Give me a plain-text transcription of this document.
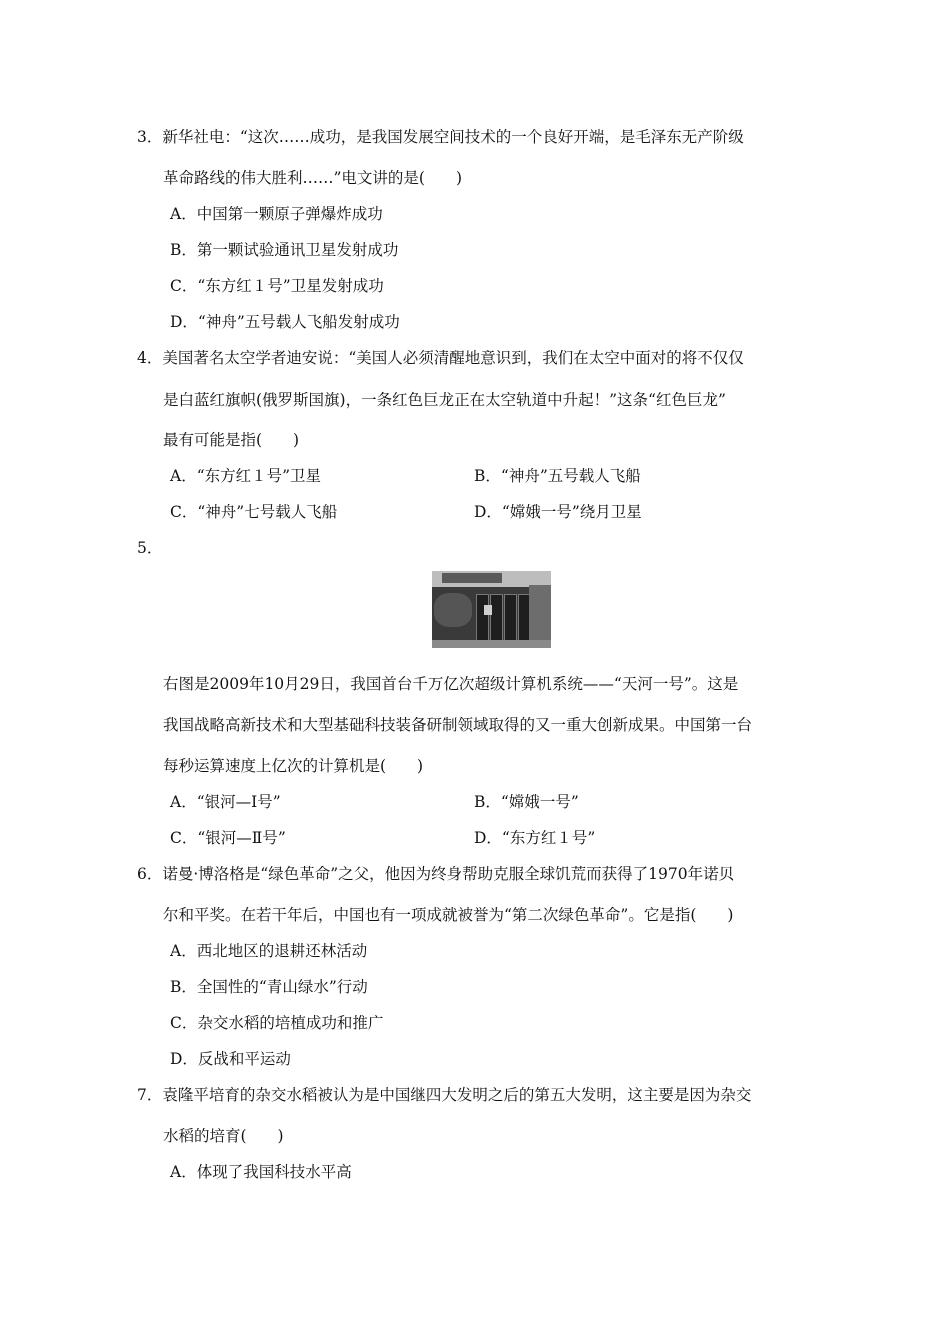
3．新华社电：“这次……成功，是我国发展空间技术的一个良好开端，是毛泽东无产阶级
革命路线的伟大胜利……”电文讲的是(　　)
A．中国第一颗原子弹爆炸成功
B．第一颗试验通讯卫星发射成功
C．“东方红１号”卫星发射成功
D．“神舟”五号载人飞船发射成功
4．美国著名太空学者迪安说：“美国人必须清醒地意识到，我们在太空中面对的将不仅仅
是白蓝红旗帜(俄罗斯国旗)，一条红色巨龙正在太空轨道中升起！”这条“红色巨龙”
最有可能是指(　　)
A．“东方红１号”卫星	B．“神舟”五号载人飞船
C．“神舟”七号载人飞船	D．“嫦娥一号”绕月卫星
5．
右图是2009年10月29日，我国首台千万亿次超级计算机系统——“天河一号”。这是
我国战略高新技术和大型基础科技装备研制领域取得的又一重大创新成果。中国第一台
每秒运算速度上亿次的计算机是(　　)
A．“银河—Ⅰ号”	B．“嫦娥一号”
C．“银河—Ⅱ号”	D．“东方红１号”
6．诺曼·博洛格是“绿色革命”之父，他因为终身帮助克服全球饥荒而获得了1970年诺贝
尔和平奖。在若干年后，中国也有一项成就被誉为“第二次绿色革命”。它是指(　　)
A．西北地区的退耕还林活动
B．全国性的“青山绿水”行动
C．杂交水稻的培植成功和推广
D．反战和平运动
7．袁隆平培育的杂交水稻被认为是中国继四大发明之后的第五大发明，这主要是因为杂交
水稻的培育(　　)
A．体现了我国科技水平高
